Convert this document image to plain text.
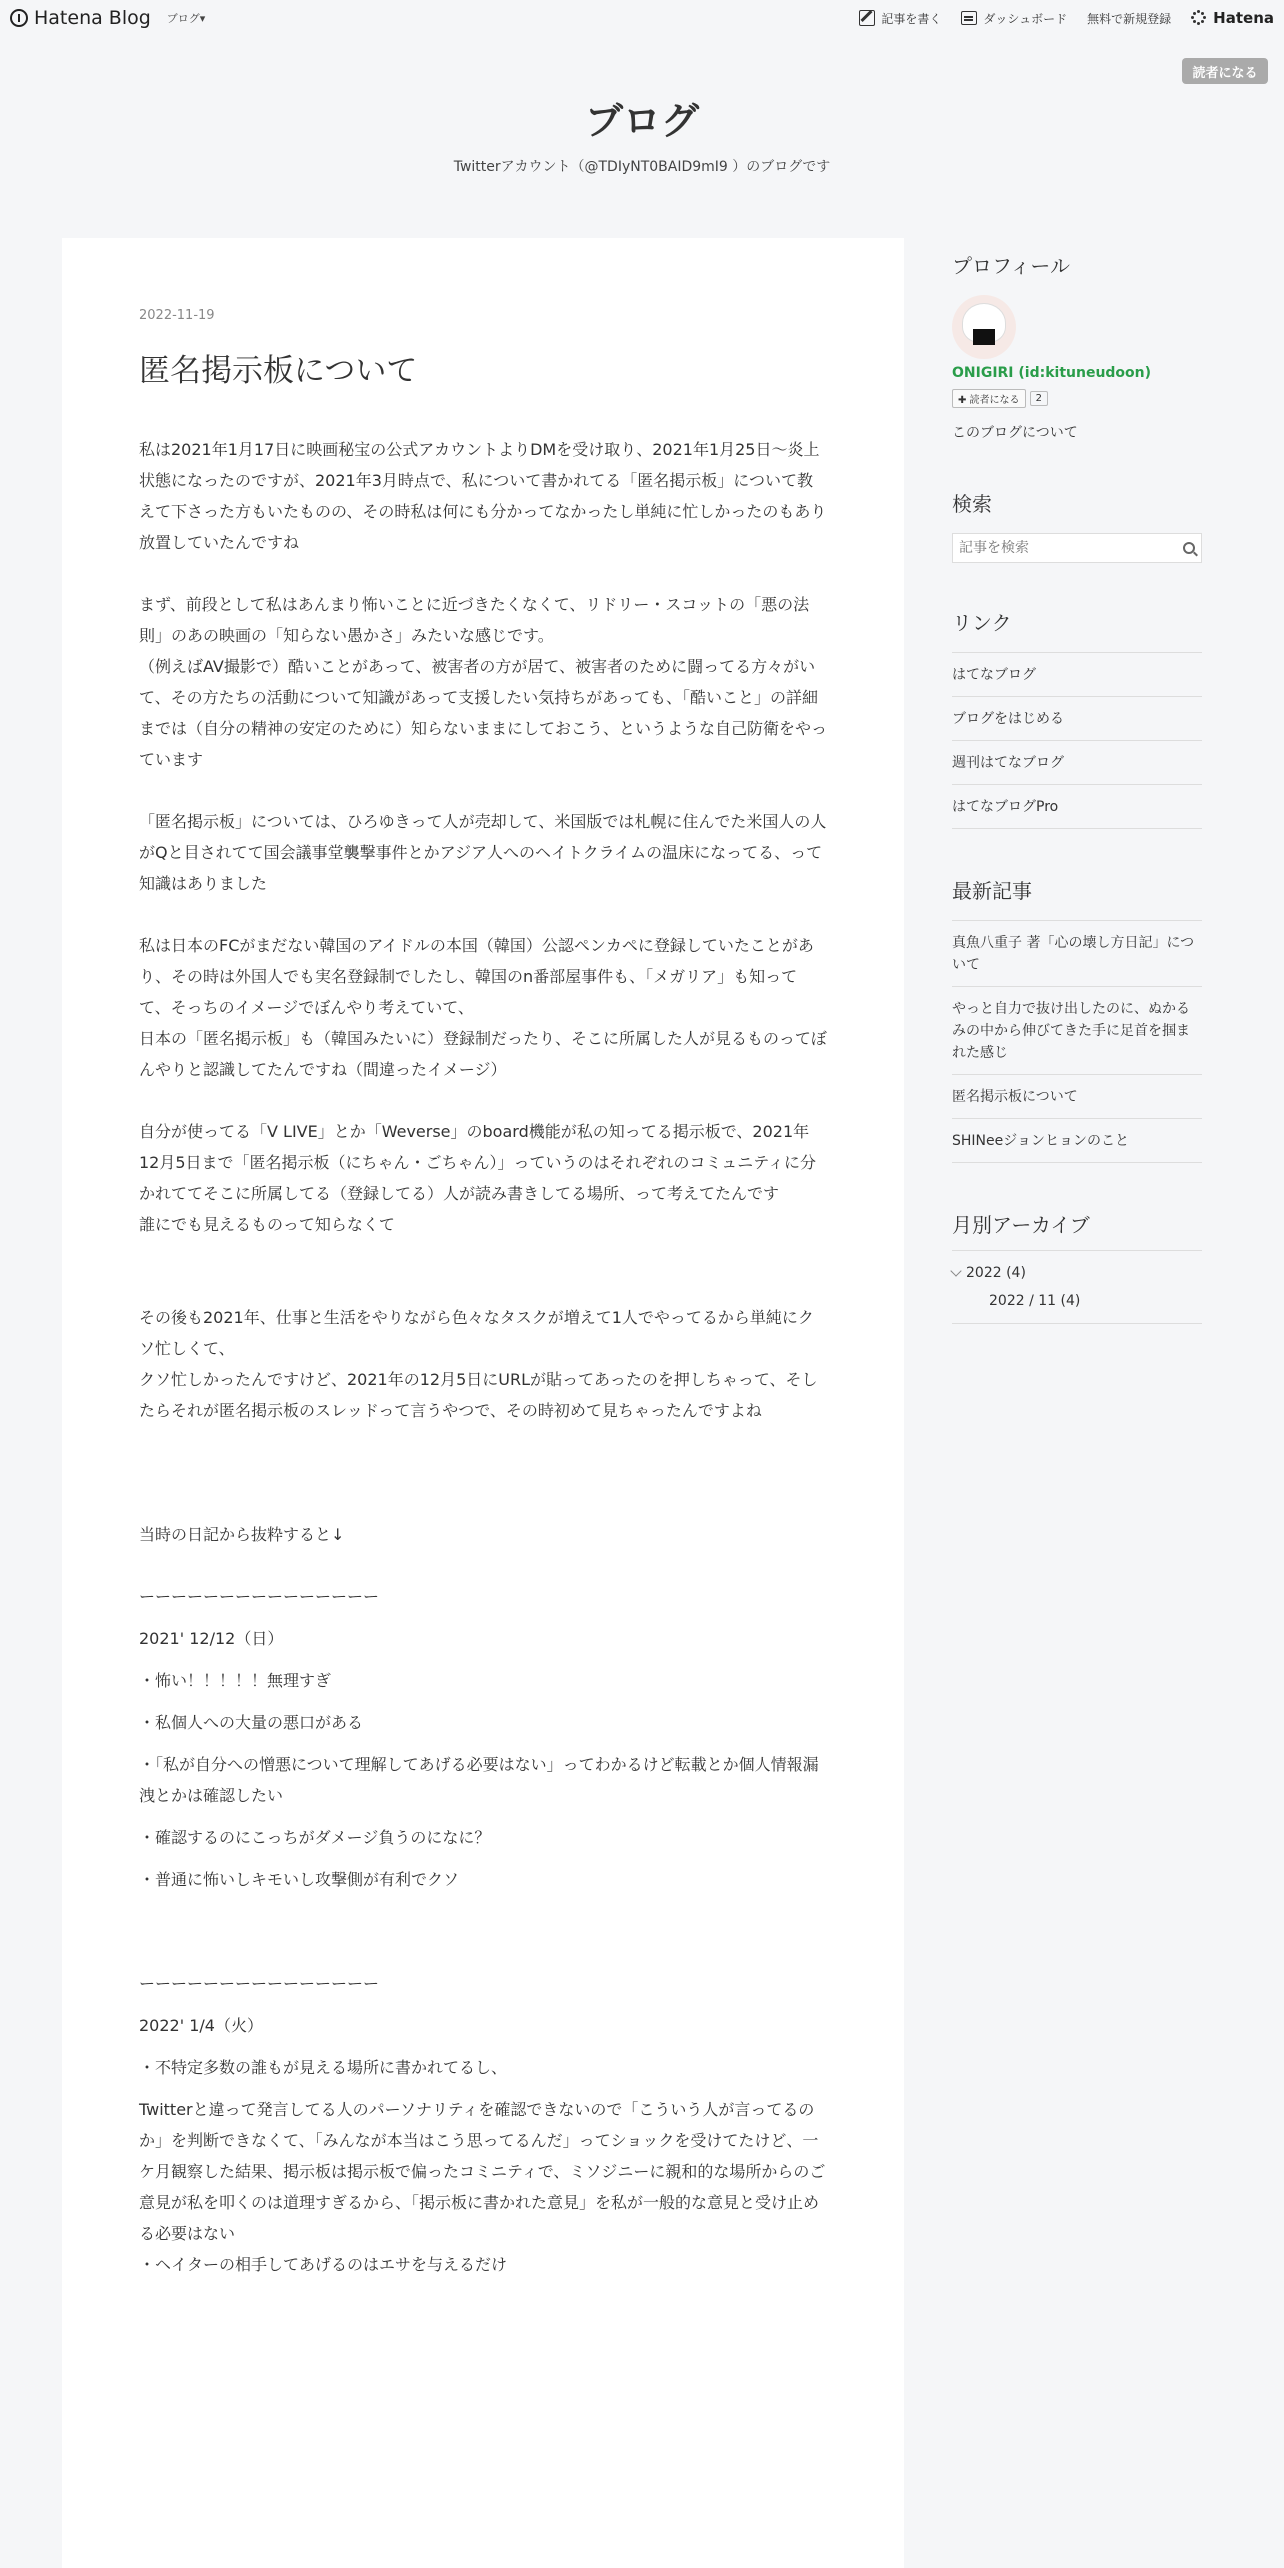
Hatena Blog ブログ▾	記事を書く	ダッシュボード 無料で新規登録	Hatena
読者になる
ブログ
Twitterアカウント（@TDIyNT0BAID9mI9 ）のブログです
2022-11-19
匿名掲示板について

私は2021年1月17日に映画秘宝の公式アカウントよりDMを受け取り、2021年1月25日〜炎上状態になったのですが、2021年3月時点で、私について書かれてる「匿名掲示板」について教えて下さった方もいたものの、その時私は何にも分かってなかったし単純に忙しかったのもあり放置していたんですね

まず、前段として私はあんまり怖いことに近づきたくなくて、リドリー・スコットの「悪の法則」のあの映画の「知らない愚かさ」みたいな感じです。

（例えばAV撮影で）酷いことがあって、被害者の方が居て、被害者のために闘ってる方々がいて、その方たちの活動について知識があって支援したい気持ちがあっても、「酷いこと」の詳細までは（自分の精神の安定のために）知らないままにしておこう、というような自己防衛をやっています

「匿名掲示板」については、ひろゆきって人が売却して、米国版では札幌に住んでた米国人の人がQと目されてて国会議事堂襲撃事件とかアジア人へのヘイトクライムの温床になってる、って知識はありました

私は日本のFCがまだない韓国のアイドルの本国（韓国）公認ペンカペに登録していたことがあり、その時は外国人でも実名登録制でしたし、韓国のn番部屋事件も、「メガリア」も知ってて、そっちのイメージでぼんやり考えていて、

日本の「匿名掲示板」も（韓国みたいに）登録制だったり、そこに所属した人が見るものってぼんやりと認識してたんですね（間違ったイメージ）

自分が使ってる「V LIVE」とか「Weverse」のboard機能が私の知ってる掲示板で、2021年12月5日まで「匿名掲示板（にちゃん・ごちゃん）」っていうのはそれぞれのコミュニティに分かれててそこに所属してる（登録してる）人が読み書きしてる場所、って考えてたんです

誰にでも見えるものって知らなくて

その後も2021年、仕事と生活をやりながら色々なタスクが増えて1人でやってるから単純にクソ忙しくて、

クソ忙しかったんですけど、2021年の12月5日にURLが貼ってあったのを押しちゃって、そしたらそれが匿名掲示板のスレッドって言うやつで、その時初めて見ちゃったんですよね

当時の日記から抜粋すると↓

ーーーーーーーーーーーーーーー

2021' 12/12（日）

・怖い！！！！！無理すぎ

・私個人への大量の悪口がある

・「私が自分への憎悪について理解してあげる必要はない」ってわかるけど転載とか個人情報漏洩とかは確認したい

・確認するのにこっちがダメージ負うのになに？

・普通に怖いしキモいし攻撃側が有利でクソ

ーーーーーーーーーーーーーーー

2022' 1/4（火）

・不特定多数の誰もが見える場所に書かれてるし、

Twitterと違って発言してる人のパーソナリティを確認できないので「こういう人が言ってるのか」を判断できなくて、「みんなが本当はこう思ってるんだ」ってショックを受けてたけど、一ケ月観察した結果、掲示板は掲示板で偏ったコミニティで、ミソジニーに親和的な場所からのご意見が私を叩くのは道理すぎるから、「掲示板に書かれた意見」を私が一般的な意見と受け止める必要はない

・ヘイターの相手してあげるのはエサを与えるだけ

プロフィール
ONIGIRI (id:kituneudoon)
✚ 読者になる	2
このブログについて
検索
記事を検索
リンク
はてなブログ
ブログをはじめる
週刊はてなブログ
はてなブログPro
最新記事
真魚八重子 著「心の壊し方日記」について
やっと自力で抜け出したのに、ぬかるみの中から伸びてきた手に足首を掴まれた感じ
匿名掲示板について
SHINeeジョンヒョンのこと
月別アーカイブ
2022 (4)
2022 / 11 (4)
